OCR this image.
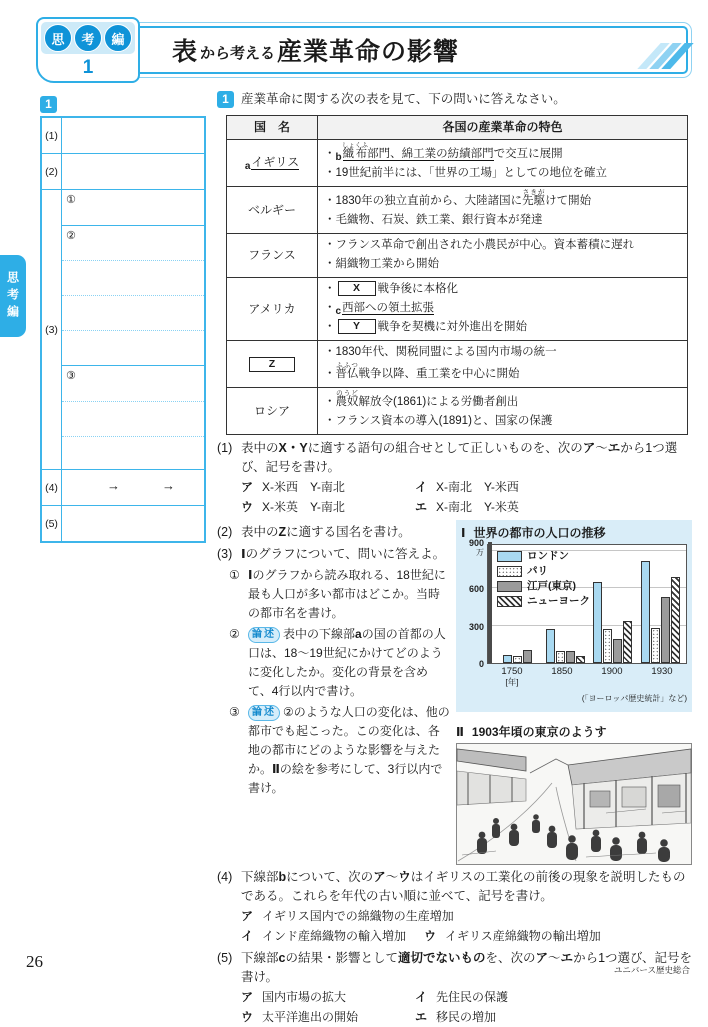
表 から考える 産業革命の影響
思	考	編
1
思考編
1
(1)
(2)
(3)
①
②
③
(4)	→	→
(5)
1 産業革命に関する次の表を見て、下の問いに答えなさい。
国　名	各国の産業革命の特色
$_a$イギリス	・b織布しょくふ部門、綿工業の紡績部門で交互に展開
・19世紀前半には、「世界の工場」としての地位を確立

ベルギー	・1830年の独立直前から、大陸諸国に先駆さきがけて開始
・毛織物、石炭、鉄工業、銀行資本が発達

フランス	・フランス革命で創出された小農民が中心。資本蓄積に遅れ
・絹織物工業から開始

アメリカ	・ X 戦争後に本格化
・c西部への領土拡張
・ Y 戦争を契機に対外進出を開始

Z	・1830年代、関税同盟による国内市場の統一
・普仏ふふつ戦争以降、重工業を中心に開始

ロシア	・農奴のうど解放令(1861)による労働者創出
・フランス資本の導入(1891)と、国家の保護
(1) 表中のX・Yに適する語句の組合せとして正しいものを、次のア～エから1つ選び、記号を書け。
ア X-米西　Y-南北	イ X-南北　Y-米西
ウ X-米英　Y-南北	エ X-南北　Y-米英
(2) 表中のZに適する国名を書け。
(3) Ⅰのグラフについて、問いに答えよ。
① Ⅰのグラフから読み取れる、18世紀に最も人口が多い都市はどこか。当時の都市名を書け。
② 論述 表中の下線部aの国の首都の人口は、18～19世紀にかけてどのように変化したか。変化の背景を含めて、4行以内で書け。
③ 論述 ②のような人口の変化は、他の都市でも起こった。この変化は、各地の都市にどのような影響を与えたか。Ⅱの絵を参考にして、3行以内で書け。
Ⅰ 世界の都市の人口の推移
0
300
600
900
万	ロンドン
パリ
江戸(東京)
ニューヨーク
1750
[年]
1850	1900	1930
(「ヨーロッパ歴史統計」など)
Ⅱ 1903年頃の東京のようす
(4) 下線部bについて、次のア～ウはイギリスの工業化の前後の現象を説明したものである。これらを年代の古い順に並べて、記号を書け。
ア イギリス国内での綿織物の生産増加
イ インド産綿織物の輸入増加 ウ イギリス産綿織物の輸出増加
(5) 下線部cの結果・影響として適切でないものを、次のア～エから1つ選び、記号を書け。
ア 国内市場の拡大	イ 先住民の保護
ウ 太平洋進出の開始	エ 移民の増加
26	ユニバース歴史総合
